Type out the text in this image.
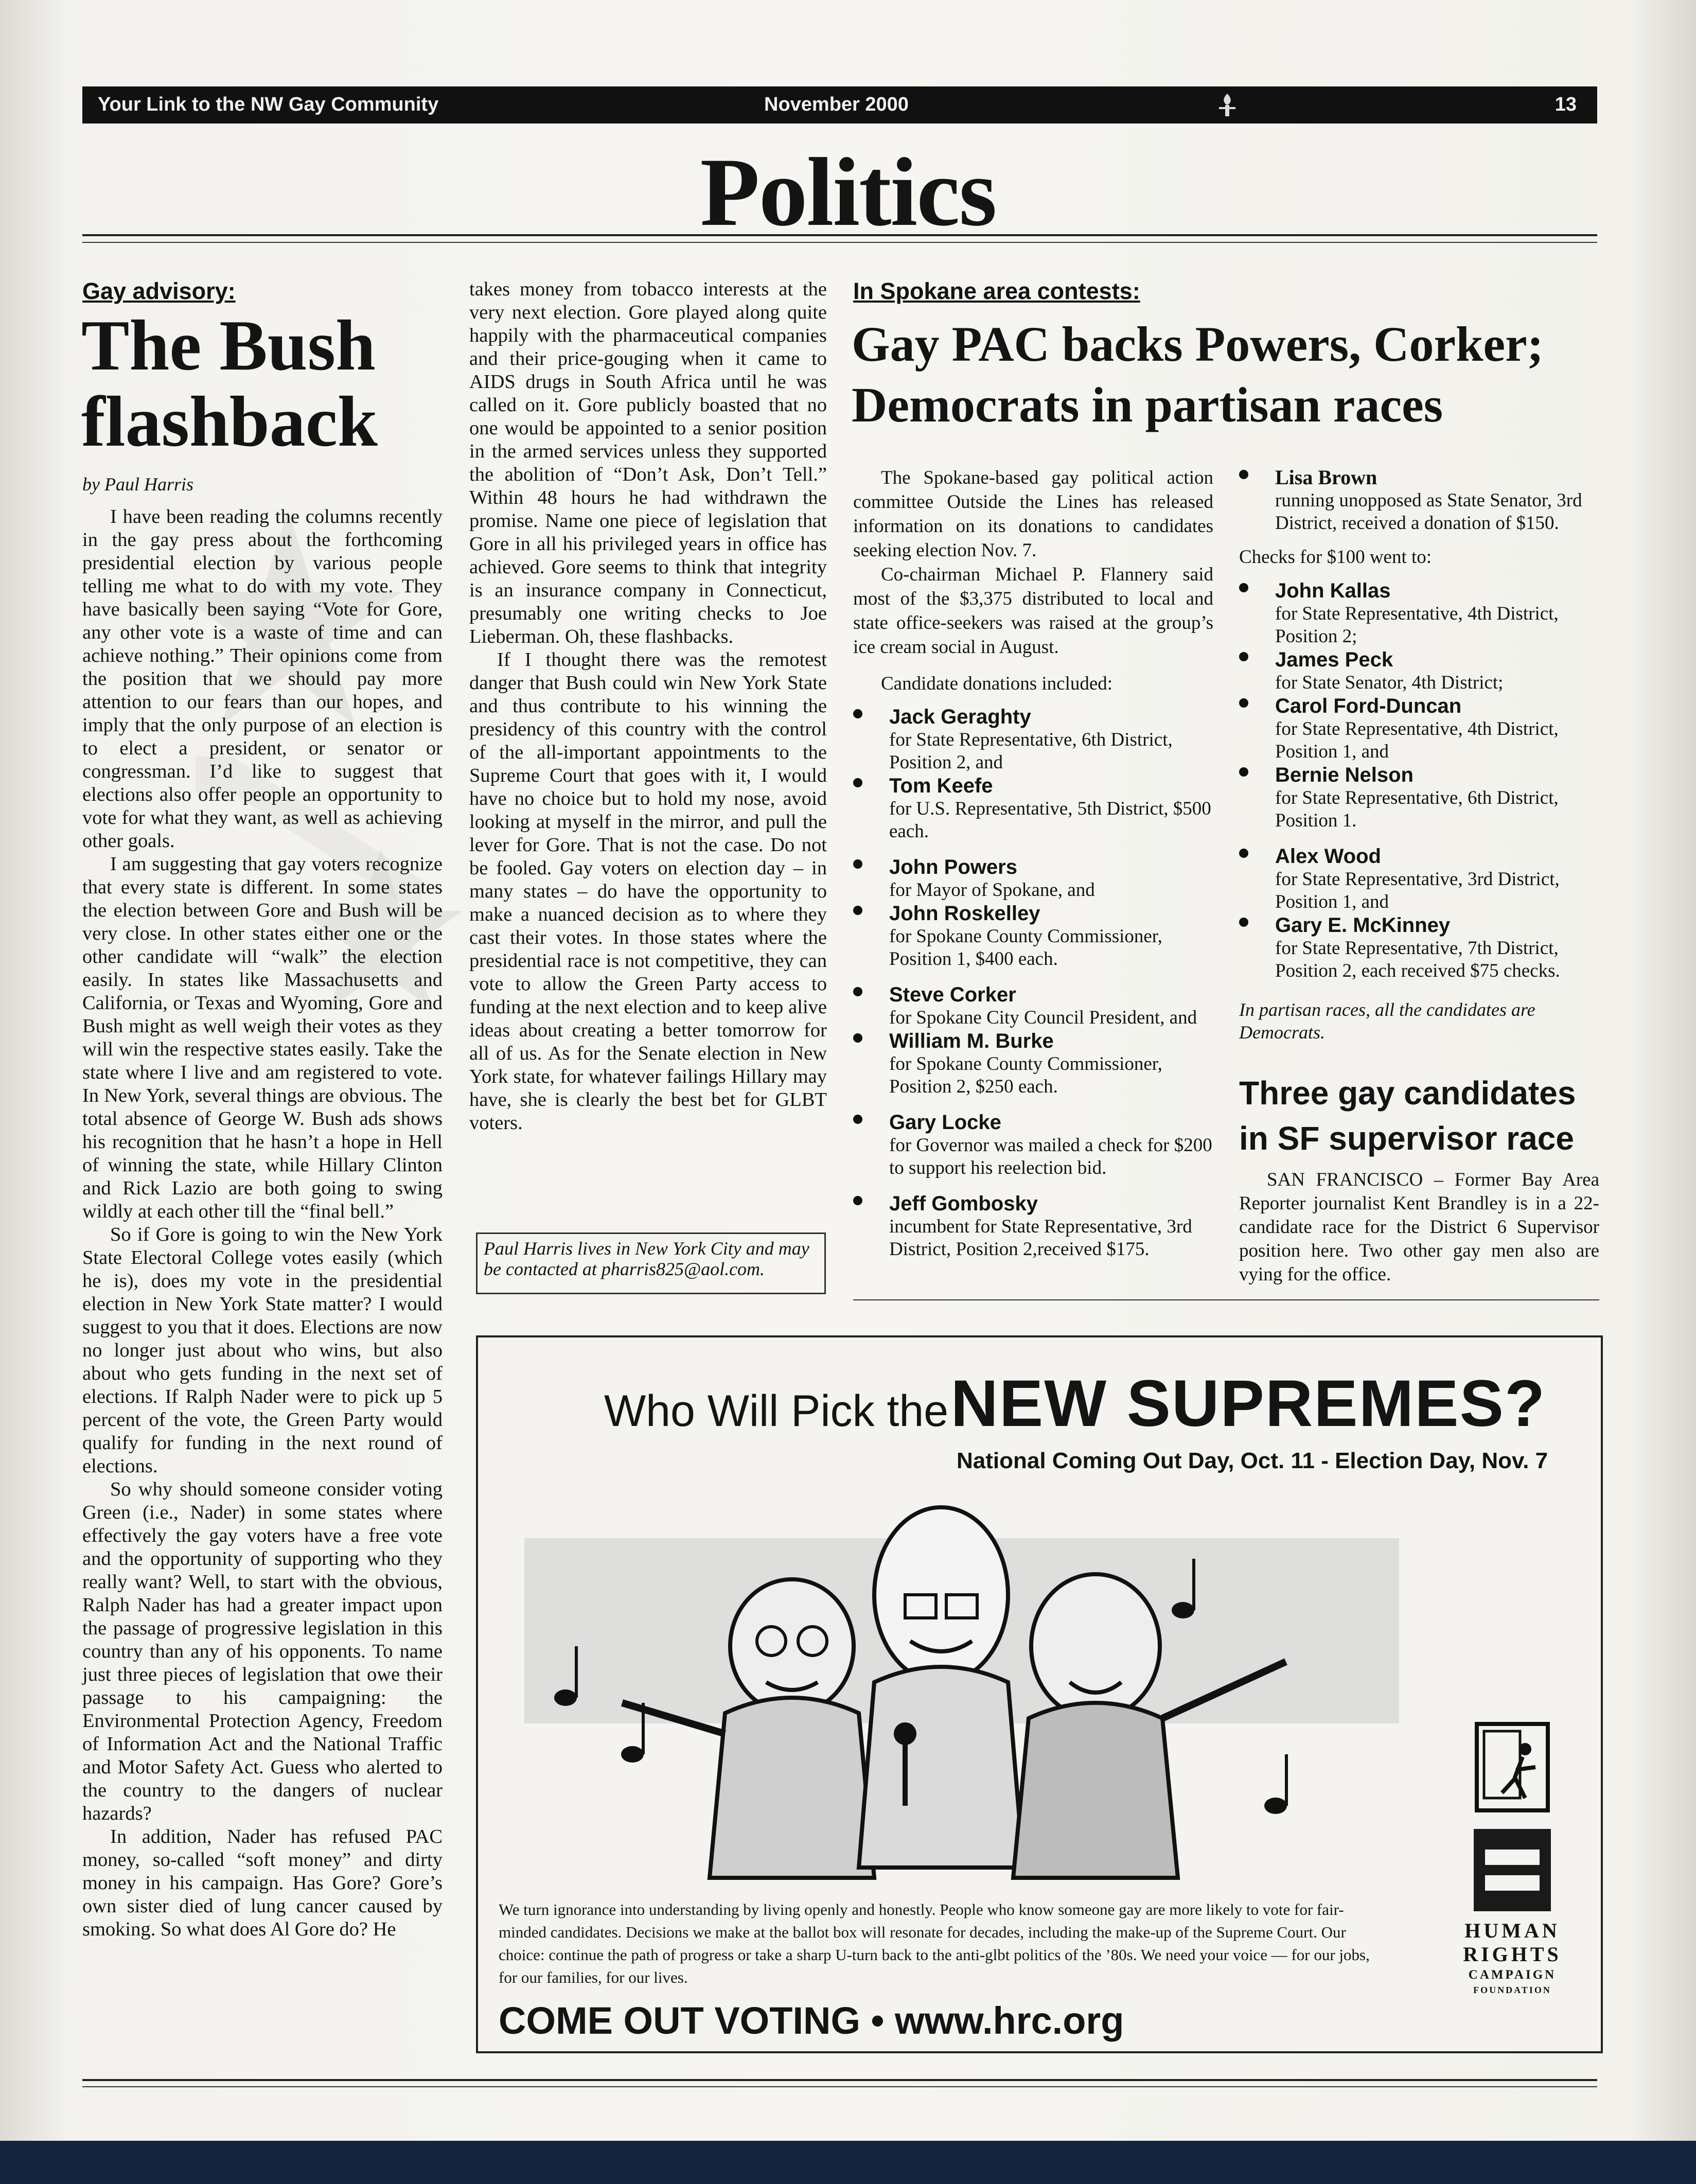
Your Link to the NW Gay Community	November 2000	13
Politics
Gay advisory:
The Bush flashback
by Paul Harris

I have been reading the columns recently in the gay press about the forthcoming presidential election by various people telling me what to do with my vote. They have basically been saying “Vote for Gore, any other vote is a waste of time and can achieve nothing.” Their opinions come from the position that we should pay more attention to our fears than our hopes, and imply that the only purpose of an election is to elect a president, or senator or congressman. I’d like to suggest that elections also offer people an opportunity to vote for what they want, as well as achieving other goals.

I am suggesting that gay voters recognize that every state is different. In some states the election between Gore and Bush will be very close. In other states either one or the other candidate will “walk” the election easily. In states like Massachusetts and California, or Texas and Wyoming, Gore and Bush might as well weigh their votes as they will win the respective states easily. Take the state where I live and am registered to vote. In New York, several things are obvious. The total absence of George W. Bush ads shows his recognition that he hasn’t a hope in Hell of winning the state, while Hillary Clinton and Rick Lazio are both going to swing wildly at each other till the “final bell.”

So if Gore is going to win the New York State Electoral College votes easily (which he is), does my vote in the presidential election in New York State matter? I would suggest to you that it does. Elections are now no longer just about who wins, but also about who gets funding in the next set of elections. If Ralph Nader were to pick up 5 percent of the vote, the Green Party would qualify for funding in the next round of elections.

So why should someone consider voting Green (i.e., Nader) in some states where effectively the gay voters have a free vote and the opportunity of supporting who they really want? Well, to start with the obvious, Ralph Nader has had a greater impact upon the passage of progressive legislation in this country than any of his opponents. To name just three pieces of legislation that owe their passage to his campaigning: the Environmental Protection Agency, Freedom of Information Act and the National Traffic and Motor Safety Act. Guess who alerted to the country to the dangers of nuclear hazards?

In addition, Nader has refused PAC money, so-called “soft money” and dirty money in his campaign. Has Gore? Gore’s own sister died of lung cancer caused by smoking. So what does Al Gore do? He

takes money from tobacco interests at the very next election. Gore played along quite happily with the pharmaceutical companies and their price-gouging when it came to AIDS drugs in South Africa until he was called on it. Gore publicly boasted that no one would be appointed to a senior position in the armed services unless they supported the abolition of “Don’t Ask, Don’t Tell.” Within 48 hours he had withdrawn the promise. Name one piece of legislation that Gore in all his privileged years in office has achieved. Gore seems to think that integrity is an insurance company in Connecticut, presumably one writing checks to Joe Lieberman. Oh, these flashbacks.

If I thought there was the remotest danger that Bush could win New York State and thus contribute to his winning the presidency of this country with the control of the all-important appointments to the Supreme Court that goes with it, I would have no choice but to hold my nose, avoid looking at myself in the mirror, and pull the lever for Gore. That is not the case. Do not be fooled. Gay voters on election day – in many states – do have the opportunity to make a nuanced decision as to where they cast their votes. In those states where the presidential race is not competitive, they can vote to allow the Green Party access to funding at the next election and to keep alive ideas about creating a better tomorrow for all of us. As for the Senate election in New York state, for whatever failings Hillary may have, she is clearly the best bet for GLBT voters.

Paul Harris lives in New York City and may be contacted at pharris825@aol.com.
In Spokane area contests:
Gay PAC backs Powers, Corker; Democrats in partisan races

The Spokane-based gay political action committee Outside the Lines has released information on its donations to candidates seeking election Nov. 7.

Co-chairman Michael P. Flannery said most of the $3,375 distributed to local and state office-seekers was raised at the group’s ice cream social in August.

Candidate donations included:

Jack Geraghty
for State Representative, 6th District, Position 2, and
Tom Keefe
for U.S. Representative, 5th District, $500 each.
John Powers
for Mayor of Spokane, and
John Roskelley
for Spokane County Commissioner, Position 1, $400 each.
Steve Corker
for Spokane City Council President, and
William M. Burke
for Spokane County Commissioner, Position 2, $250 each.
Gary Locke
for Governor was mailed a check for $200 to support his reelection bid.
Jeff Gombosky
incumbent for State Representative, 3rd District, Position 2,received $175.
Lisa Brown
running unopposed as State Senator, 3rd District, received a donation of $150.

Checks for $100 went to:

John Kallas
for State Representative, 4th District, Position 2;
James Peck
for State Senator, 4th District;
Carol Ford-Duncan
for State Representative, 4th District, Position 1, and
Bernie Nelson
for State Representative, 6th District, Position 1.
Alex Wood
for State Representative, 3rd District, Position 1, and
Gary E. McKinney
for State Representative, 7th District, Position 2, each received $75 checks.

In partisan races, all the candidates are Democrats.

Three gay candidates in SF supervisor race

SAN FRANCISCO – Former Bay Area Reporter journalist Kent Brandley is in a 22-candidate race for the District 6 Supervisor position here. Two other gay men also are vying for the office.

Who Will Pick the NEW SUPREMES?
National Coming Out Day, Oct. 11 - Election Day, Nov. 7
HUMAN
RIGHTS
CAMPAIGN
FOUNDATION
We turn ignorance into understanding by living openly and honestly. People who know someone gay are more likely to vote for fair-minded candidates. Decisions we make at the ballot box will resonate for decades, including the make-up of the Supreme Court. Our choice: continue the path of progress or take a sharp U-turn back to the anti-glbt politics of the ’80s. We need your voice — for our jobs, for our families, for our lives.
COME OUT VOTING • www.hrc.org
